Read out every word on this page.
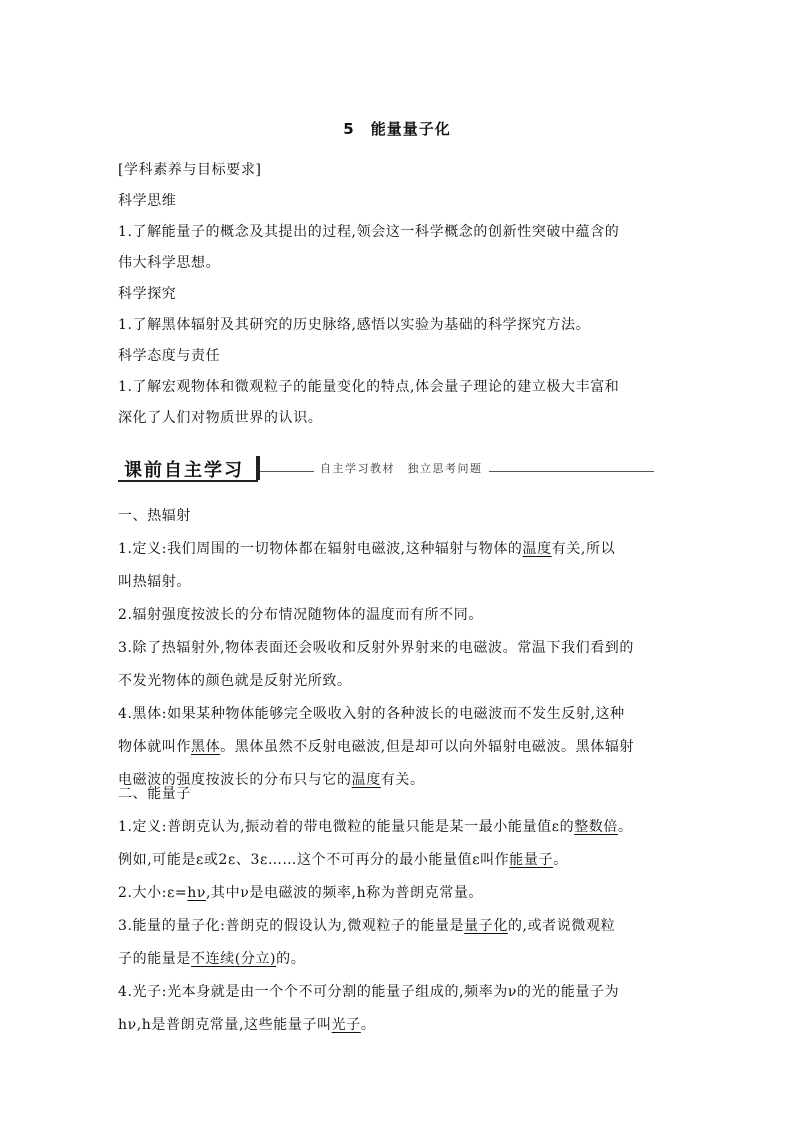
5　能量量子化
[学科素养与目标要求]
科学思维
1.了解能量子的概念及其提出的过程,领会这一科学概念的创新性突破中蕴含的
伟大科学思想。
科学探究
1.了解黑体辐射及其研究的历史脉络,感悟以实验为基础的科学探究方法。
科学态度与责任
1.了解宏观物体和微观粒子的能量变化的特点,体会量子理论的建立极大丰富和
深化了人们对物质世界的认识。
课前自主学习	自主学习教材　独立思考问题
一、热辐射
1.定义:我们周围的一切物体都在辐射电磁波,这种辐射与物体的温度有关,所以
叫热辐射。
2.辐射强度按波长的分布情况随物体的温度而有所不同。
3.除了热辐射外,物体表面还会吸收和反射外界射来的电磁波。常温下我们看到的
不发光物体的颜色就是反射光所致。
4.黑体:如果某种物体能够完全吸收入射的各种波长的电磁波而不发生反射,这种
物体就叫作黑体。黑体虽然不反射电磁波,但是却可以向外辐射电磁波。黑体辐射
电磁波的强度按波长的分布只与它的温度有关。
二、能量子
1.定义:普朗克认为,振动着的带电微粒的能量只能是某一最小能量值ε的整数倍。
例如,可能是ε或2ε、3ε……这个不可再分的最小能量值ε叫作能量子。
2.大小:ε=hν,其中ν是电磁波的频率,h称为普朗克常量。
3.能量的量子化:普朗克的假设认为,微观粒子的能量是量子化的,或者说微观粒
子的能量是不连续(分立)的。
4.光子:光本身就是由一个个不可分割的能量子组成的,频率为ν的光的能量子为
hν,h是普朗克常量,这些能量子叫光子。
